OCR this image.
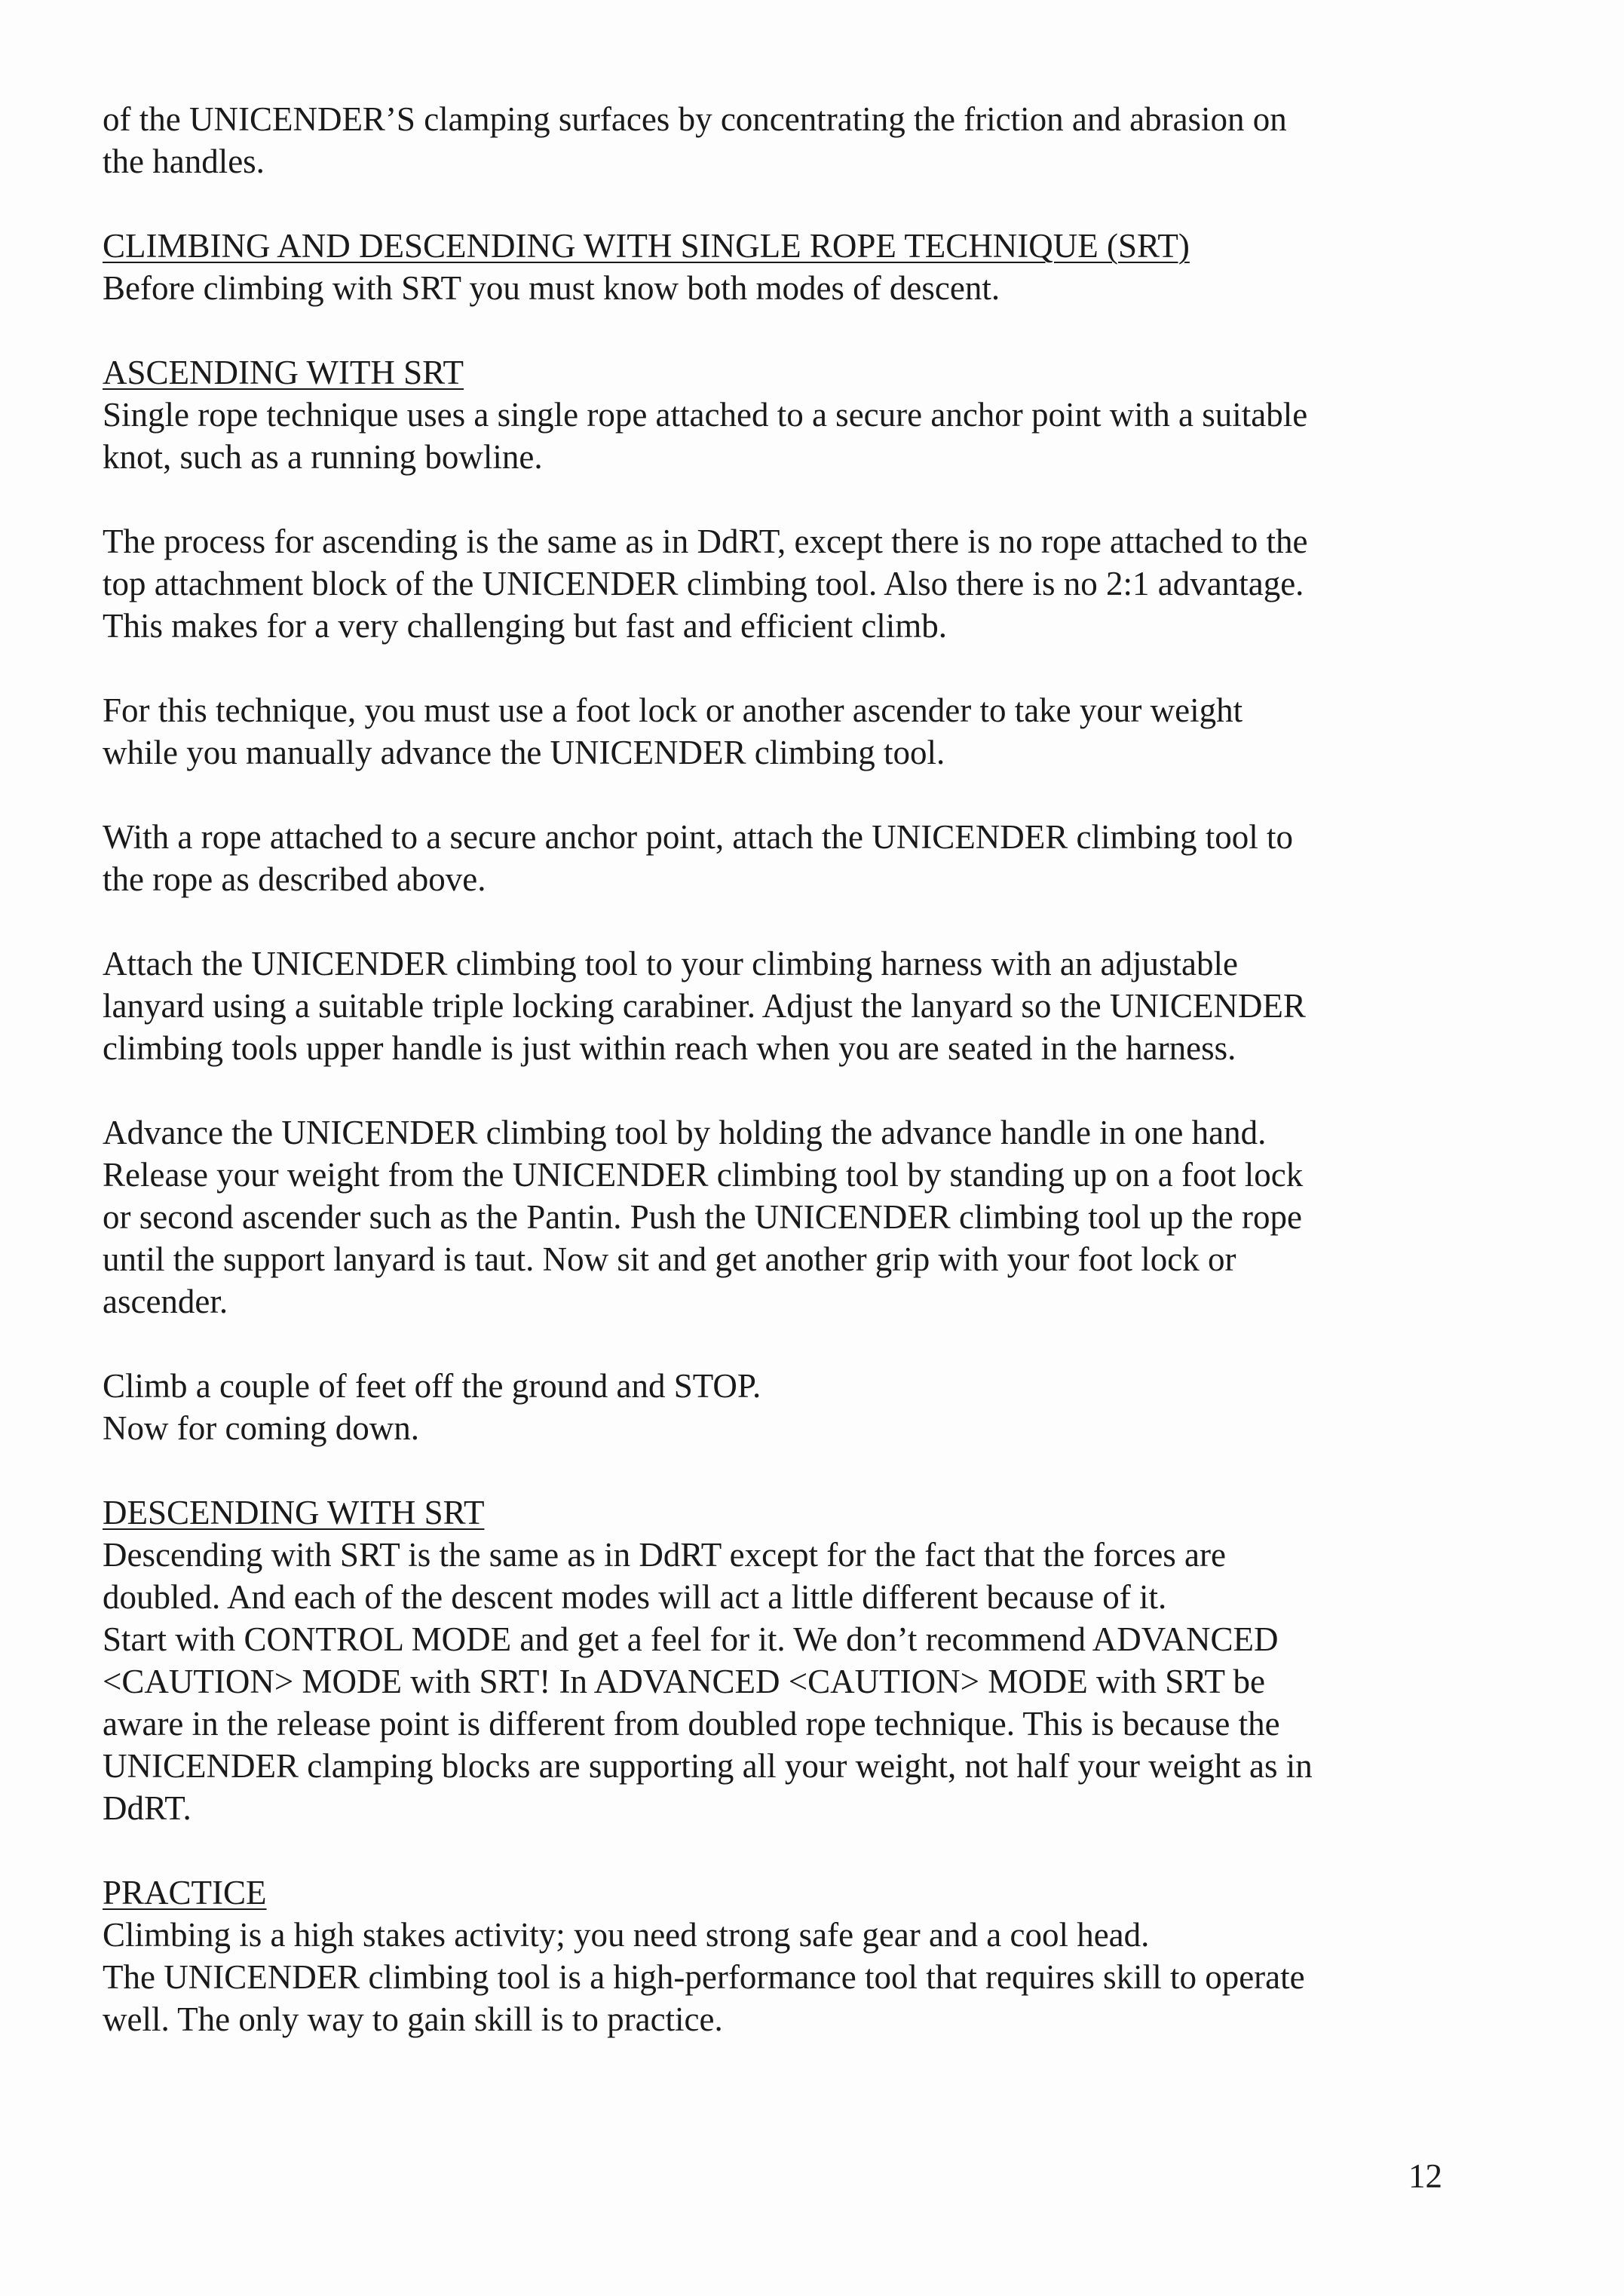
of the UNICENDER’S clamping surfaces by concentrating the friction and abrasion on
the handles.

CLIMBING AND DESCENDING WITH SINGLE ROPE TECHNIQUE (SRT)

Before climbing with SRT you must know both modes of descent.

ASCENDING WITH SRT

Single rope technique uses a single rope attached to a secure anchor point with a suitable
knot, such as a running bowline.

The process for ascending is the same as in DdRT, except there is no rope attached to the
top attachment block of the UNICENDER climbing tool. Also there is no 2:1 advantage.
This makes for a very challenging but fast and efficient climb.

For this technique, you must use a foot lock or another ascender to take your weight
while you manually advance the UNICENDER climbing tool.

With a rope attached to a secure anchor point, attach the UNICENDER climbing tool to
the rope as described above.

Attach the UNICENDER climbing tool to your climbing harness with an adjustable
lanyard using a suitable triple locking carabiner. Adjust the lanyard so the UNICENDER
climbing tools upper handle is just within reach when you are seated in the harness.

Advance the UNICENDER climbing tool by holding the advance handle in one hand.
Release your weight from the UNICENDER climbing tool by standing up on a foot lock
or second ascender such as the Pantin. Push the UNICENDER climbing tool up the rope
until the support lanyard is taut. Now sit and get another grip with your foot lock or
ascender.

Climb a couple of feet off the ground and STOP.
Now for coming down.

DESCENDING WITH SRT

Descending with SRT is the same as in DdRT except for the fact that the forces are
doubled. And each of the descent modes will act a little different because of it.
Start with CONTROL MODE and get a feel for it. We don’t recommend ADVANCED
<CAUTION> MODE with SRT! In ADVANCED <CAUTION> MODE with SRT be
aware in the release point is different from doubled rope technique. This is because the
UNICENDER clamping blocks are supporting all your weight, not half your weight as in
DdRT.

PRACTICE

Climbing is a high stakes activity; you need strong safe gear and a cool head.
The UNICENDER climbing tool is a high-performance tool that requires skill to operate
well. The only way to gain skill is to practice.

12
